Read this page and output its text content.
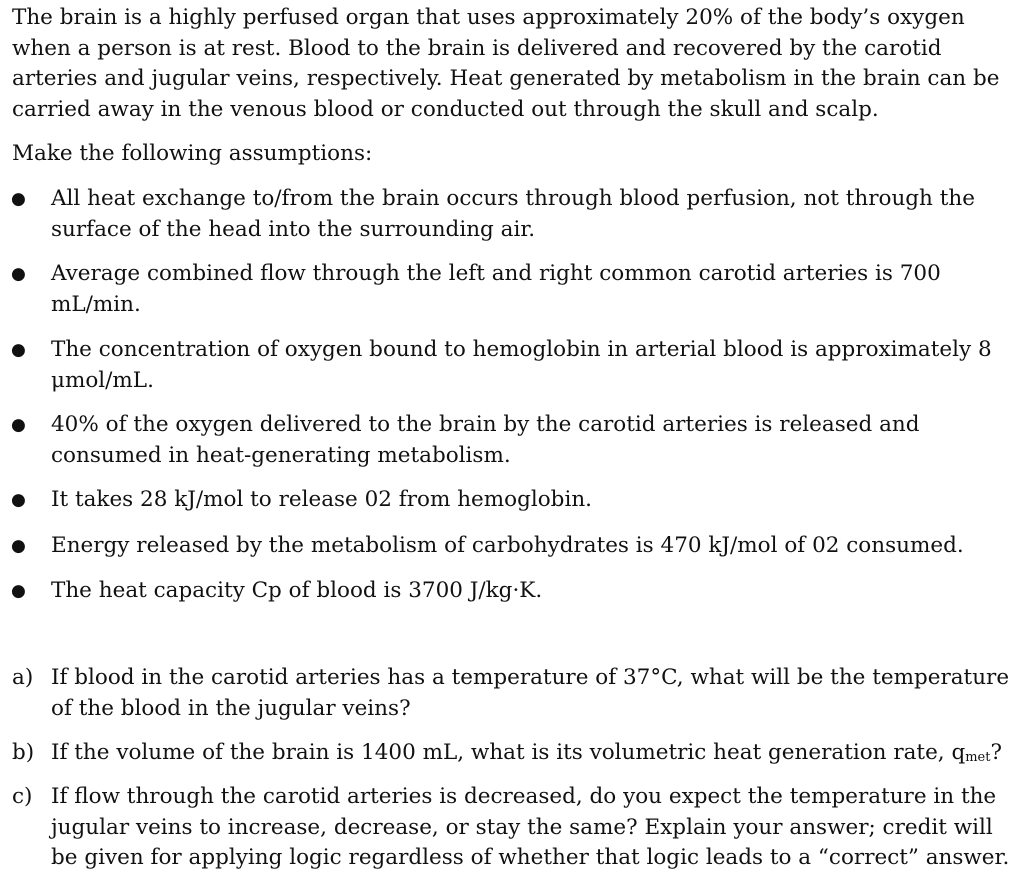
The brain is a highly perfused organ that uses approximately 20% of the body’s oxygen when a person is at rest. Blood to the brain is delivered and recovered by the carotid arteries and jugular veins, respectively. Heat generated by metabolism in the brain can be carried away in the venous blood or conducted out through the skull and scalp.

Make the following assumptions:

● All heat exchange to/from the brain occurs through blood perfusion, not through the surface of the head into the surrounding air.
● Average combined flow through the left and right common carotid arteries is 700 mL/min.
● The concentration of oxygen bound to hemoglobin in arterial blood is approximately 8 μmol/mL.
● 40% of the oxygen delivered to the brain by the carotid arteries is released and consumed in heat-generating metabolism.
● It takes 28 kJ/mol to release 02 from hemoglobin.
● Energy released by the metabolism of carbohydrates is 470 kJ/mol of 02 consumed.
● The heat capacity Cp of blood is 3700 J/kg·K.
a) If blood in the carotid arteries has a temperature of 37°C, what will be the temperature of the blood in the jugular veins?
b) If the volume of the brain is 1400 mL, what is its volumetric heat generation rate, $q_{met}$?
c) If flow through the carotid arteries is decreased, do you expect the temperature in the jugular veins to increase, decrease, or stay the same? Explain your answer; credit will be given for applying logic regardless of whether that logic leads to a “correct” answer.
